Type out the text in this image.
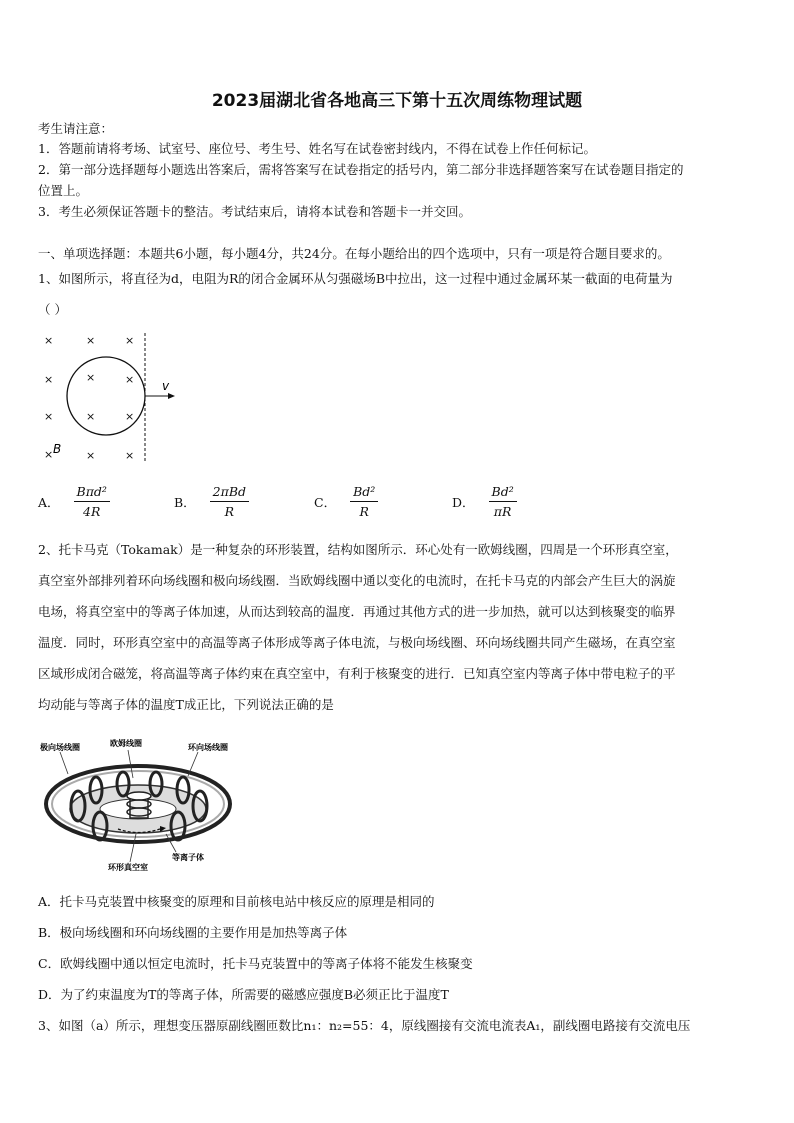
2023届湖北省各地高三下第十五次周练物理试题
考生请注意：
1．答题前请将考场、试室号、座位号、考生号、姓名写在试卷密封线内，不得在试卷上作任何标记。
2．第一部分选择题每小题选出答案后，需将答案写在试卷指定的括号内，第二部分非选择题答案写在试卷题目指定的
位置上。
3．考生必须保证答题卡的整洁。考试结束后，请将本试卷和答题卡一并交回。
一、单项选择题：本题共6小题，每小题4分，共24分。在每小题给出的四个选项中，只有一项是符合题目要求的。
1、如图所示，将直径为d，电阻为R的闭合金属环从匀强磁场B中拉出，这一过程中通过金属环某一截面的电荷量为
（ ）
×	×	×
×	×	×
×	×	×
×	×	×
v
B
A． $\frac{\text{Bπd²}}{4R}$	B． $\frac{\text{2πBd}}{R}$	C． $\frac{\text{Bd²}}{R}$	D． $\frac{\text{Bd²}}{\pi R}$
2、托卡马克（Tokamak）是一种复杂的环形装置，结构如图所示．环心处有一欧姆线圈，四周是一个环形真空室，
真空室外部排列着环向场线圈和极向场线圈．当欧姆线圈中通以变化的电流时，在托卡马克的内部会产生巨大的涡旋
电场，将真空室中的等离子体加速，从而达到较高的温度．再通过其他方式的进一步加热，就可以达到核聚变的临界
温度．同时，环形真空室中的高温等离子体形成等离子体电流，与极向场线圈、环向场线圈共同产生磁场，在真空室
区域形成闭合磁笼，将高温等离子体约束在真空室中，有利于核聚变的进行．已知真空室内等离子体中带电粒子的平
均动能与等离子体的温度T成正比，下列说法正确的是
极向场线圈	欧姆线圈	环向场线圈
等离子体
环形真空室
A．托卡马克装置中核聚变的原理和目前核电站中核反应的原理是相同的
B．极向场线圈和环向场线圈的主要作用是加热等离子体
C．欧姆线圈中通以恒定电流时，托卡马克装置中的等离子体将不能发生核聚变
D．为了约束温度为T的等离子体，所需要的磁感应强度B必须正比于温度T
3、如图（a）所示，理想变压器原副线圈匝数比n₁：n₂=55：4，原线圈接有交流电流表A₁，副线圈电路接有交流电压
